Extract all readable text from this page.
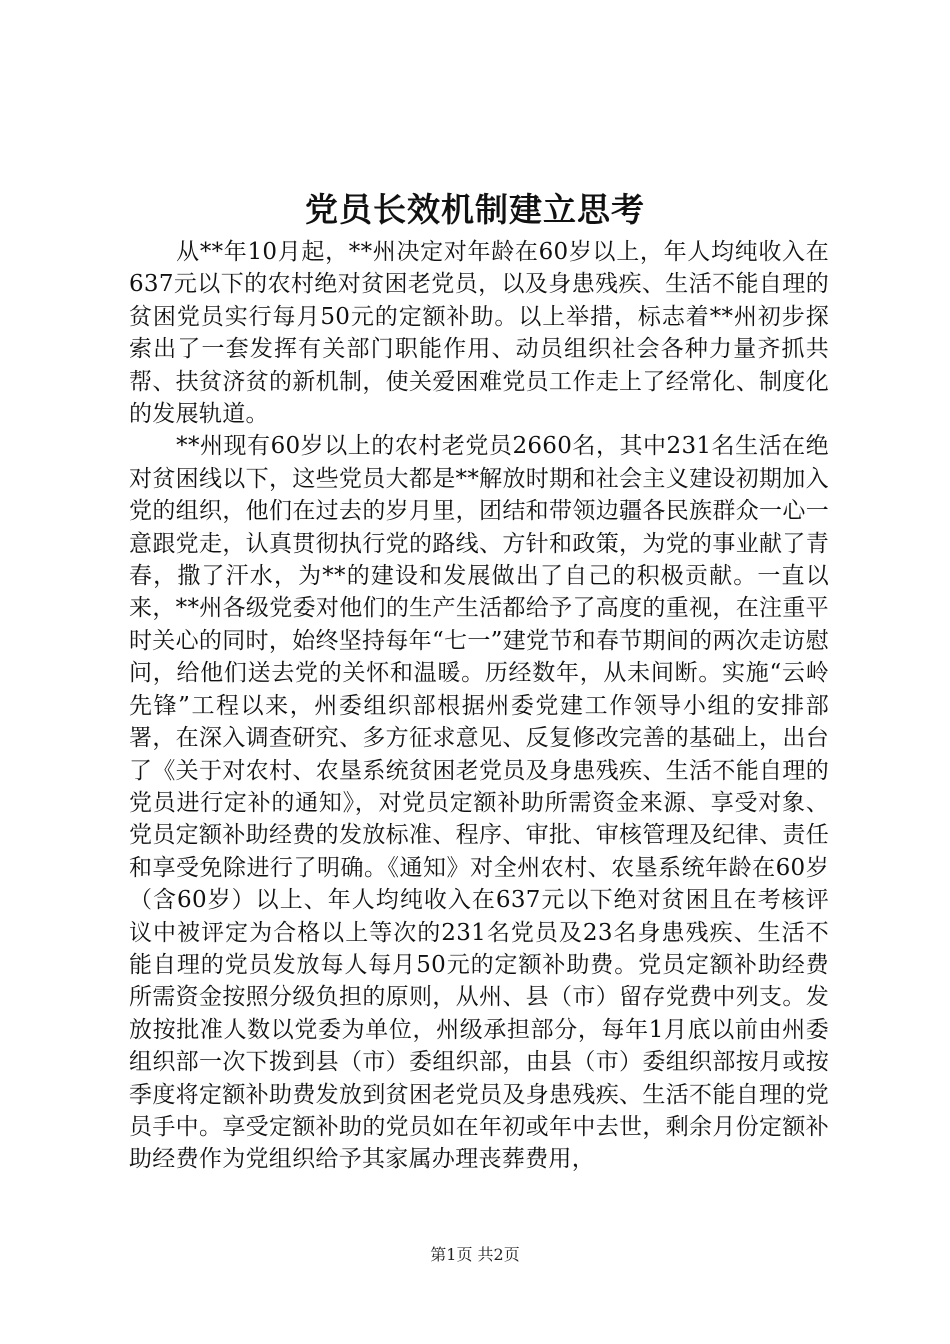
党员长效机制建立思考

从**年10月起，**州决定对年龄在60岁以上，年人均纯收入在637元以下的农村绝对贫困老党员，以及身患残疾、生活不能自理的贫困党员实行每月50元的定额补助。以上举措，标志着**州初步探索出了一套发挥有关部门职能作用、动员组织社会各种力量齐抓共帮、扶贫济贫的新机制，使关爱困难党员工作走上了经常化、制度化的发展轨道。

**州现有60岁以上的农村老党员2660名，其中231名生活在绝对贫困线以下，这些党员大都是**解放时期和社会主义建设初期加入党的组织，他们在过去的岁月里，团结和带领边疆各民族群众一心一意跟党走，认真贯彻执行党的路线、方针和政策，为党的事业献了青春，撒了汗水，为**的建设和发展做出了自己的积极贡献。一直以来，**州各级党委对他们的生产生活都给予了高度的重视，在注重平时关心的同时，始终坚持每年“七一”建党节和春节期间的两次走访慰问，给他们送去党的关怀和温暖。历经数年，从未间断。实施“云岭先锋”工程以来，州委组织部根据州委党建工作领导小组的安排部署，在深入调查研究、多方征求意见、反复修改完善的基础上，出台了《关于对农村、农垦系统贫困老党员及身患残疾、生活不能自理的党员进行定补的通知》，对党员定额补助所需资金来源、享受对象、党员定额补助经费的发放标准、程序、审批、审核管理及纪律、责任和享受免除进行了明确。《通知》对全州农村、农垦系统年龄在60岁（含60岁）以上、年人均纯收入在637元以下绝对贫困且在考核评议中被评定为合格以上等次的231名党员及23名身患残疾、生活不能自理的党员发放每人每月50元的定额补助费。党员定额补助经费所需资金按照分级负担的原则，从州、县（市）留存党费中列支。发放按批准人数以党委为单位，州级承担部分，每年1月底以前由州委组织部一次下拨到县（市）委组织部，由县（市）委组织部按月或按季度将定额补助费发放到贫困老党员及身患残疾、生活不能自理的党员手中。享受定额补助的党员如在年初或年中去世，剩余月份定额补助经费作为党组织给予其家属办理丧葬费用，

第1页 共2页
